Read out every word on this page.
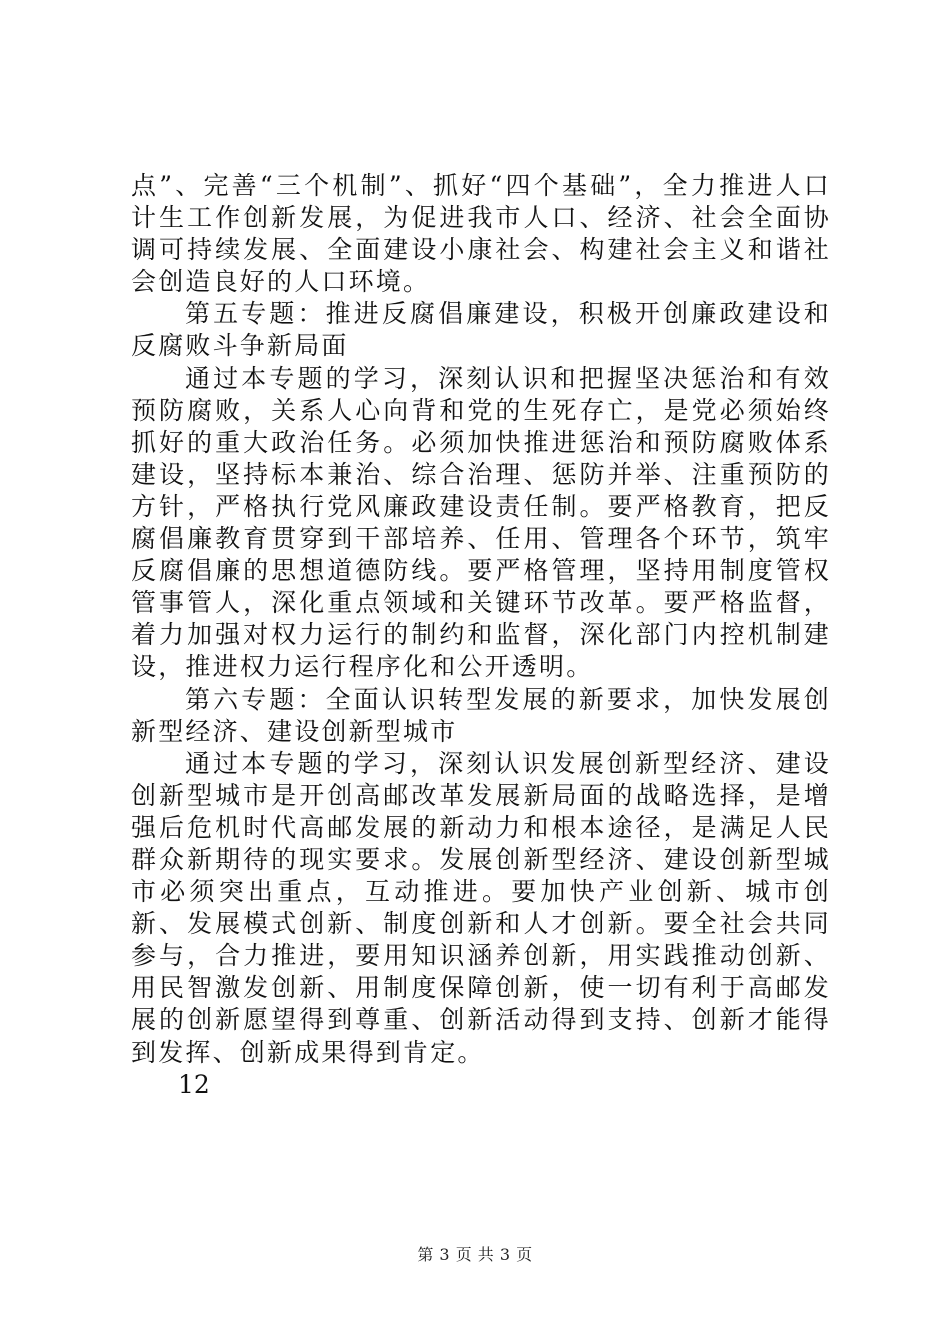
点”、完善“三个机制”、抓好“四个基础”，全力推进人口计生工作创新发展，为促进我市人口、经济、社会全面协调可持续发展、全面建设小康社会、构建社会主义和谐社会创造良好的人口环境。

第五专题：推进反腐倡廉建设，积极开创廉政建设和反腐败斗争新局面

通过本专题的学习，深刻认识和把握坚决惩治和有效预防腐败，关系人心向背和党的生死存亡，是党必须始终抓好的重大政治任务。必须加快推进惩治和预防腐败体系建设，坚持标本兼治、综合治理、惩防并举、注重预防的方针，严格执行党风廉政建设责任制。要严格教育，把反腐倡廉教育贯穿到干部培养、任用、管理各个环节，筑牢反腐倡廉的思想道德防线。要严格管理，坚持用制度管权管事管人，深化重点领域和关键环节改革。要严格监督，着力加强对权力运行的制约和监督，深化部门内控机制建设，推进权力运行程序化和公开透明。

第六专题：全面认识转型发展的新要求，加快发展创新型经济、建设创新型城市

通过本专题的学习，深刻认识发展创新型经济、建设创新型城市是开创高邮改革发展新局面的战略选择，是增强后危机时代高邮发展的新动力和根本途径，是满足人民群众新期待的现实要求。发展创新型经济、建设创新型城市必须突出重点，互动推进。要加快产业创新、城市创新、发展模式创新、制度创新和人才创新。要全社会共同参与，合力推进，要用知识涵养创新，用实践推动创新、用民智激发创新、用制度保障创新，使一切有利于高邮发展的创新愿望得到尊重、创新活动得到支持、创新才能得到发挥、创新成果得到肯定。

12

第 3 页 共 3 页
